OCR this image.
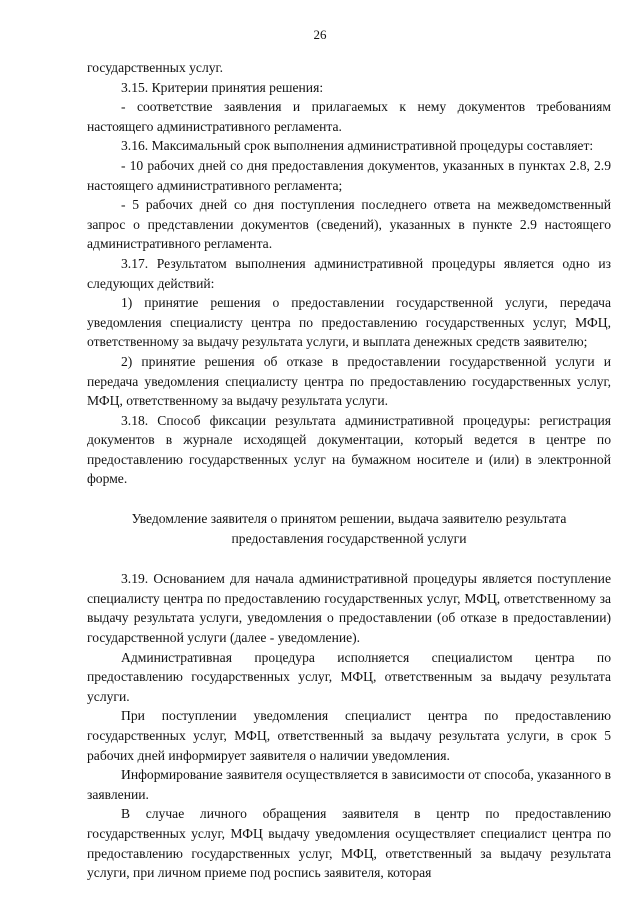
26

государственных услуг.

3.15. Критерии принятия решения:

- соответствие заявления и прилагаемых к нему документов требованиям настоящего административного регламента.

3.16. Максимальный срок выполнения административной процедуры составляет:

- 10 рабочих дней со дня предоставления документов, указанных в пунктах 2.8, 2.9 настоящего административного регламента;

- 5 рабочих дней со дня поступления последнего ответа на межведомственный запрос о представлении документов (сведений), указанных в пункте 2.9 настоящего административного регламента.

3.17. Результатом выполнения административной процедуры является одно из следующих действий:

1) принятие решения о предоставлении государственной услуги, передача уведомления специалисту центра по предоставлению государственных услуг, МФЦ, ответственному за выдачу результата услуги, и выплата денежных средств заявителю;

2) принятие решения об отказе в предоставлении государственной услуги и передача уведомления специалисту центра по предоставлению государственных услуг, МФЦ, ответственному за выдачу результата услуги.

3.18. Способ фиксации результата административной процедуры: регистрация документов в журнале исходящей документации, который ведется в центре по предоставлению государственных услуг на бумажном носителе и (или) в электронной форме.

Уведомление заявителя о принятом решении, выдача заявителю результата предоставления государственной услуги

3.19. Основанием для начала административной процедуры является поступление специалисту центра по предоставлению государственных услуг, МФЦ, ответственному за выдачу результата услуги, уведомления о предоставлении (об отказе в предоставлении) государственной услуги (далее - уведомление).

Административная процедура исполняется специалистом центра по предоставлению государственных услуг, МФЦ, ответственным за выдачу результата услуги.

При поступлении уведомления специалист центра по предоставлению государственных услуг, МФЦ, ответственный за выдачу результата услуги, в срок 5 рабочих дней информирует заявителя о наличии уведомления.

Информирование заявителя осуществляется в зависимости от способа, указанного в заявлении.

В случае личного обращения заявителя в центр по предоставлению государственных услуг, МФЦ выдачу уведомления осуществляет специалист центра по предоставлению государственных услуг, МФЦ, ответственный за выдачу результата услуги, при личном приеме под роспись заявителя, которая
